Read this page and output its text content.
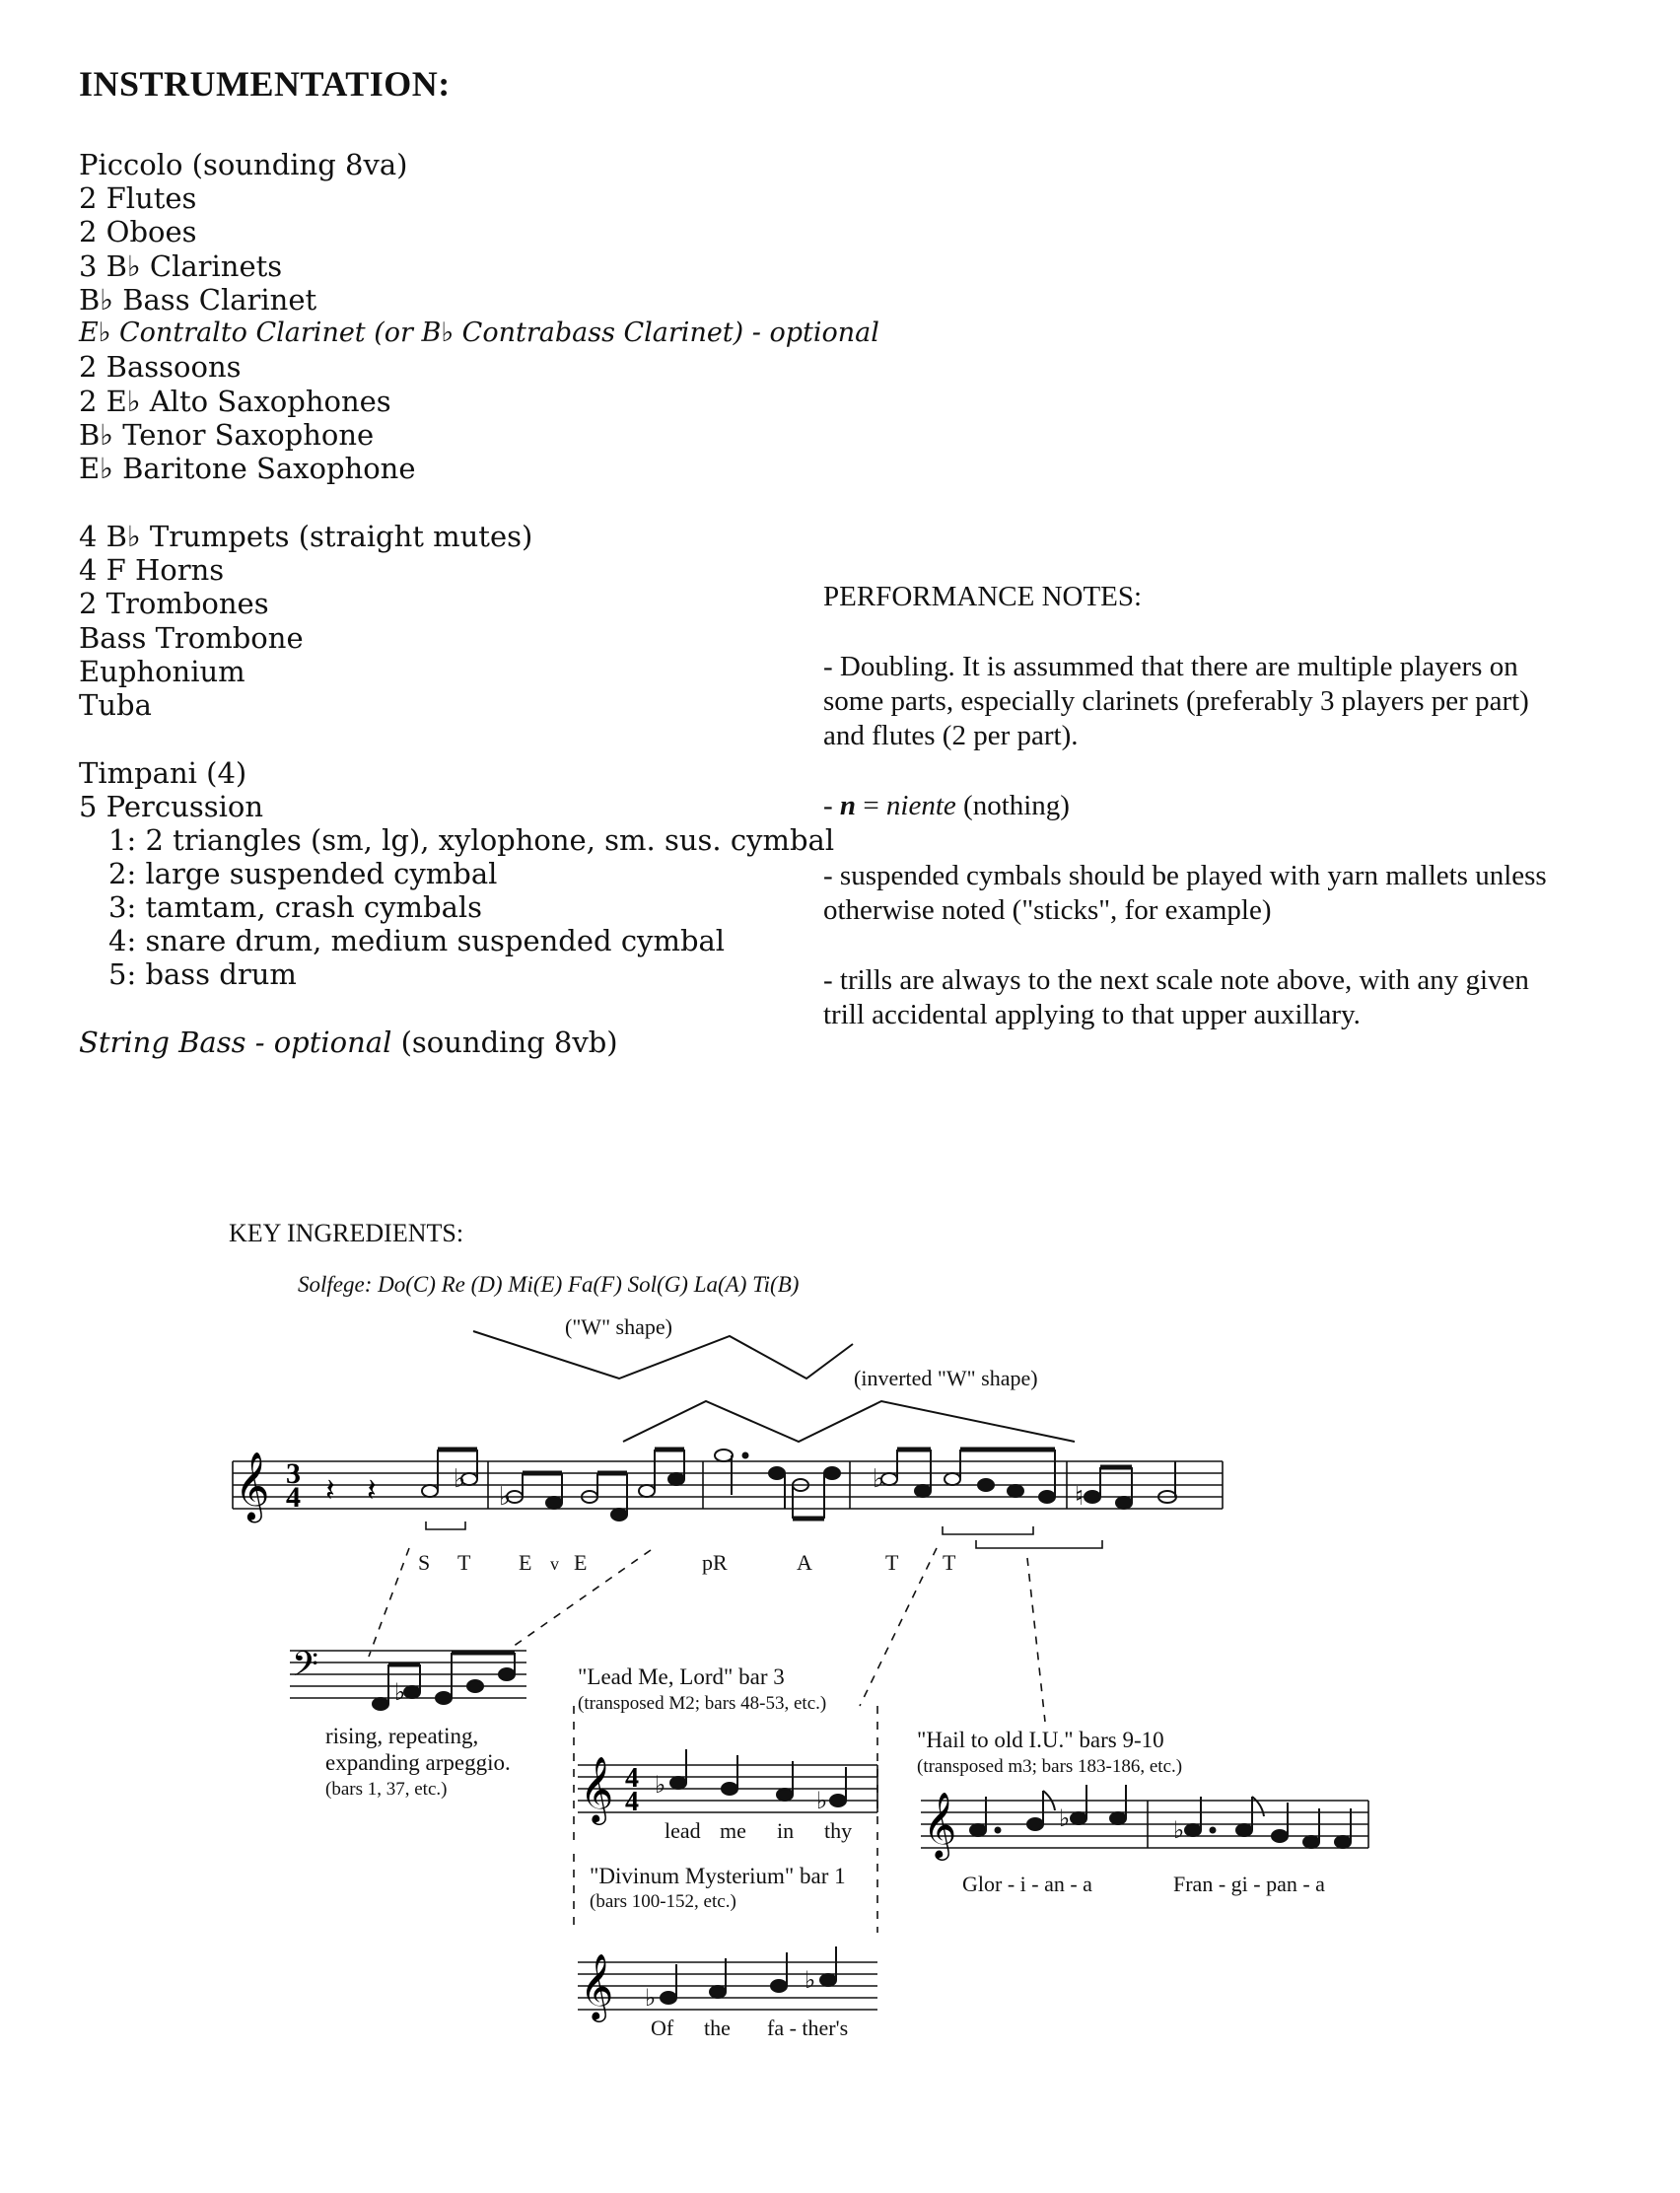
INSTRUMENTATION:
Piccolo (sounding 8va)
2 Flutes
2 Oboes
3 B♭ Clarinets
B♭ Bass Clarinet
E♭ Contralto Clarinet (or B♭ Contrabass Clarinet) - optional
2 Bassoons
2 E♭ Alto Saxophones
B♭ Tenor Saxophone
E♭ Baritone Saxophone
4 B♭ Trumpets (straight mutes)
4 F Horns
2 Trombones
Bass Trombone
Euphonium
Tuba
Timpani (4)
5 Percussion
1: 2 triangles (sm, lg), xylophone, sm. sus. cymbal
2: large suspended cymbal
3: tamtam, crash cymbals
4: snare drum, medium suspended cymbal
5: bass drum
String Bass - optional (sounding 8vb)
PERFORMANCE NOTES:
- Doubling. It is assummed that there are multiple players on
some parts, especially clarinets (preferably 3 players per part)
and flutes (2 per part).
- n = niente (nothing)
- suspended cymbals should be played with yarn mallets unless
otherwise noted ("sticks", for example)
- trills are always to the next scale note above, with any given
trill accidental applying to that upper auxillary.
KEY INGREDIENTS:
Solfege: Do(C) Re (D) Mi(E) Fa(F) Sol(G) La(A) Ti(B)
("W" shape)
(inverted "W" shape)
𝄞 3
4 𝄽 𝄽	♭
♭
♭
♮
S T E v E	pR	A	T T
𝄢	♭
rising, repeating,
expanding arpeggio.
(bars 1, 37, etc.)
"Lead Me, Lord" bar 3
(transposed M2; bars 48-53, etc.)
𝄞 4
4
♭
♭
lead me in thy
"Divinum Mysterium" bar 1
(bars 100-152, etc.)
𝄞 ♭
♭
Of the fa - ther's
"Hail to old I.U." bars 9-10
(transposed m3; bars 183-186, etc.)
𝄞	♭	♭
Glor - i - an - a	Fran - gi - pan - a
